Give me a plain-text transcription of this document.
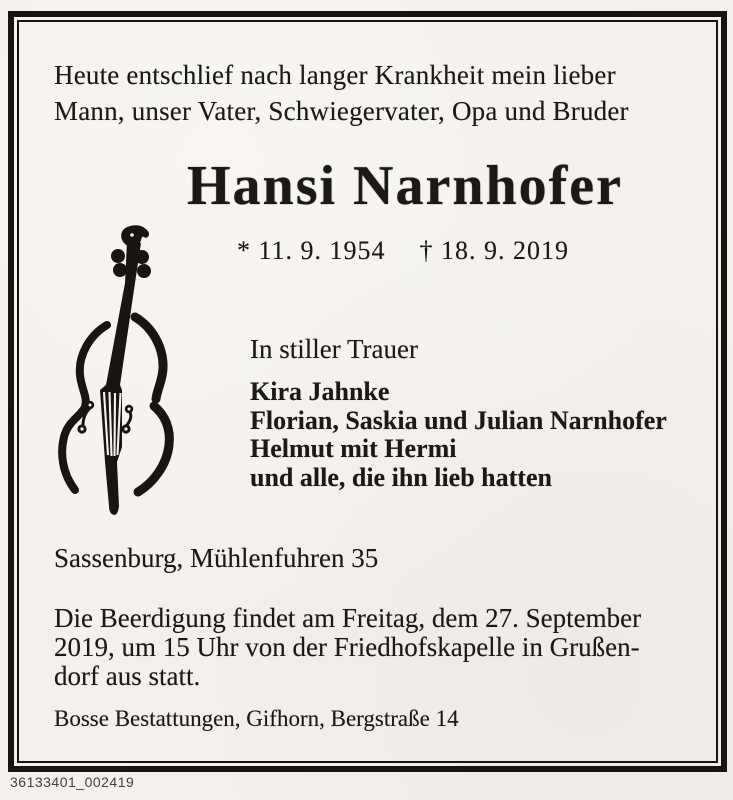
Heute entschlief nach langer Krankheit mein lieber
Mann, unser Vater, Schwiegervater, Opa und Bruder
Hansi Narnhofer
* 11. 9. 1954 † 18. 9. 2019
In stiller Trauer
Kira Jahnke
Florian, Saskia und Julian Narnhofer
Helmut mit Hermi
und alle, die ihn lieb hatten
Sassenburg, Mühlenfuhren 35
Die Beerdigung findet am Freitag, dem 27. September
2019, um 15 Uhr von der Friedhofskapelle in Grußen-
dorf aus statt.
Bosse Bestattungen, Gifhorn, Bergstraße 14
36133401_002419
